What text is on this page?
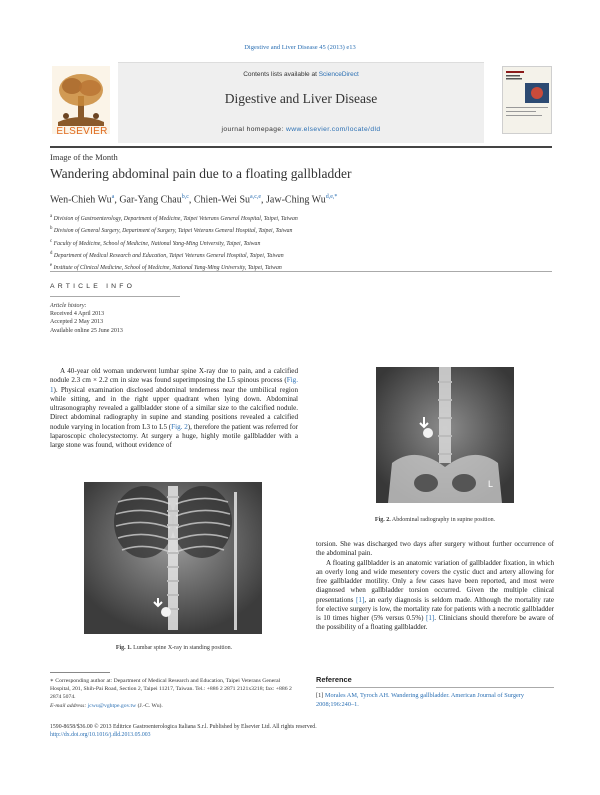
Digestive and Liver Disease 45 (2013) e13
Contents lists available at ScienceDirect
Digestive and Liver Disease
journal homepage: www.elsevier.com/locate/dld
ELSEVIER
Image of the Month
Wandering abdominal pain due to a floating gallbladder
Wen-Chieh Wu$^a$, Gar-Yang Chau$^{b,c}$, Chien-Wei Su$^{a,c,e}$, Jaw-Ching $Wu^{d,e,*}$
$^a$ Division of Gastroenterology, Department of Medicine, Taipei Veterans General Hospital, Taipei, Taiwan
$^b$ Division of General Surgery, Department of Surgery, Taipei Veterans General Hospital, Taipei, Taiwan
$^c$ Faculty of Medicine, School of Medicine, National Yang-Ming University, Taipei, Taiwan
$^d$ Department of Medical Research and Education, Taipei Veterans General Hospital, Taipei, Taiwan
$^e$ Institute of Clinical Medicine, School of Medicine, National Yang-Ming University, Taipei, Taiwan
ARTICLE INFO
Article history:
Received 4 April 2013
Accepted 2 May 2013
Available online 25 June 2013
A 40-year old woman underwent lumbar spine X-ray due to pain, and a calcified nodule 2.3 cm × 2.2 cm in size was found superimposing the L5 spinous process (Fig. 1). Physical examination disclosed abdominal tenderness near the umbilical region while sitting, and in the right upper quadrant when lying down. Abdominal ultrasonography revealed a gallbladder stone of a similar size to the calcified nodule. Direct abdominal radiography in supine and standing positions revealed a calcified nodule varying in location from L3 to L5 (Fig. 2), therefore the patient was referred for laparoscopic cholecystectomy. At surgery a huge, highly motile gallbladder with a large stone was found, without evidence of
Fig. 1. Lumbar spine X-ray in standing position.
L
Fig. 2. Abdominal radiography in supine position.

torsion. She was discharged two days after surgery without further occurrence of the abdominal pain.

A floating gallbladder is an anatomic variation of gallbladder fixation, in which an overly long and wide mesentery covers the cystic duct and artery allowing for free gallbladder motility. Only a few cases have been reported, and most were diagnosed when gallbladder torsion occurred. Given the multiple clinical presentations [1], an early diagnosis is seldom made. Although the mortality rate for elective surgery is low, the mortality rate for patients with a necrotic gallbladder is 10 times higher (5% versus 0.5%) [1]. Clinicians should therefore be aware of the possibility of a floating gallbladder.

Reference
[1] Morales AM, Tyroch AH. Wandering gallbladder. American Journal of Surgery 2008;196:240–1.
∗ Corresponding author at: Department of Medical Research and Education, Taipei Veterans General Hospital, 201, Shih-Pai Road, Section 2, Taipei 11217, Taiwan. Tel.: +886 2 2871 2121x3218; fax: +886 2 2874 5074.
E-mail address: jcwu@vghtpe.gov.tw (J.-C. Wu).
1590-8658/$36.00 © 2013 Editrice Gastroenterologica Italiana S.r.l. Published by Elsevier Ltd. All rights reserved.
http://dx.doi.org/10.1016/j.dld.2013.05.003
